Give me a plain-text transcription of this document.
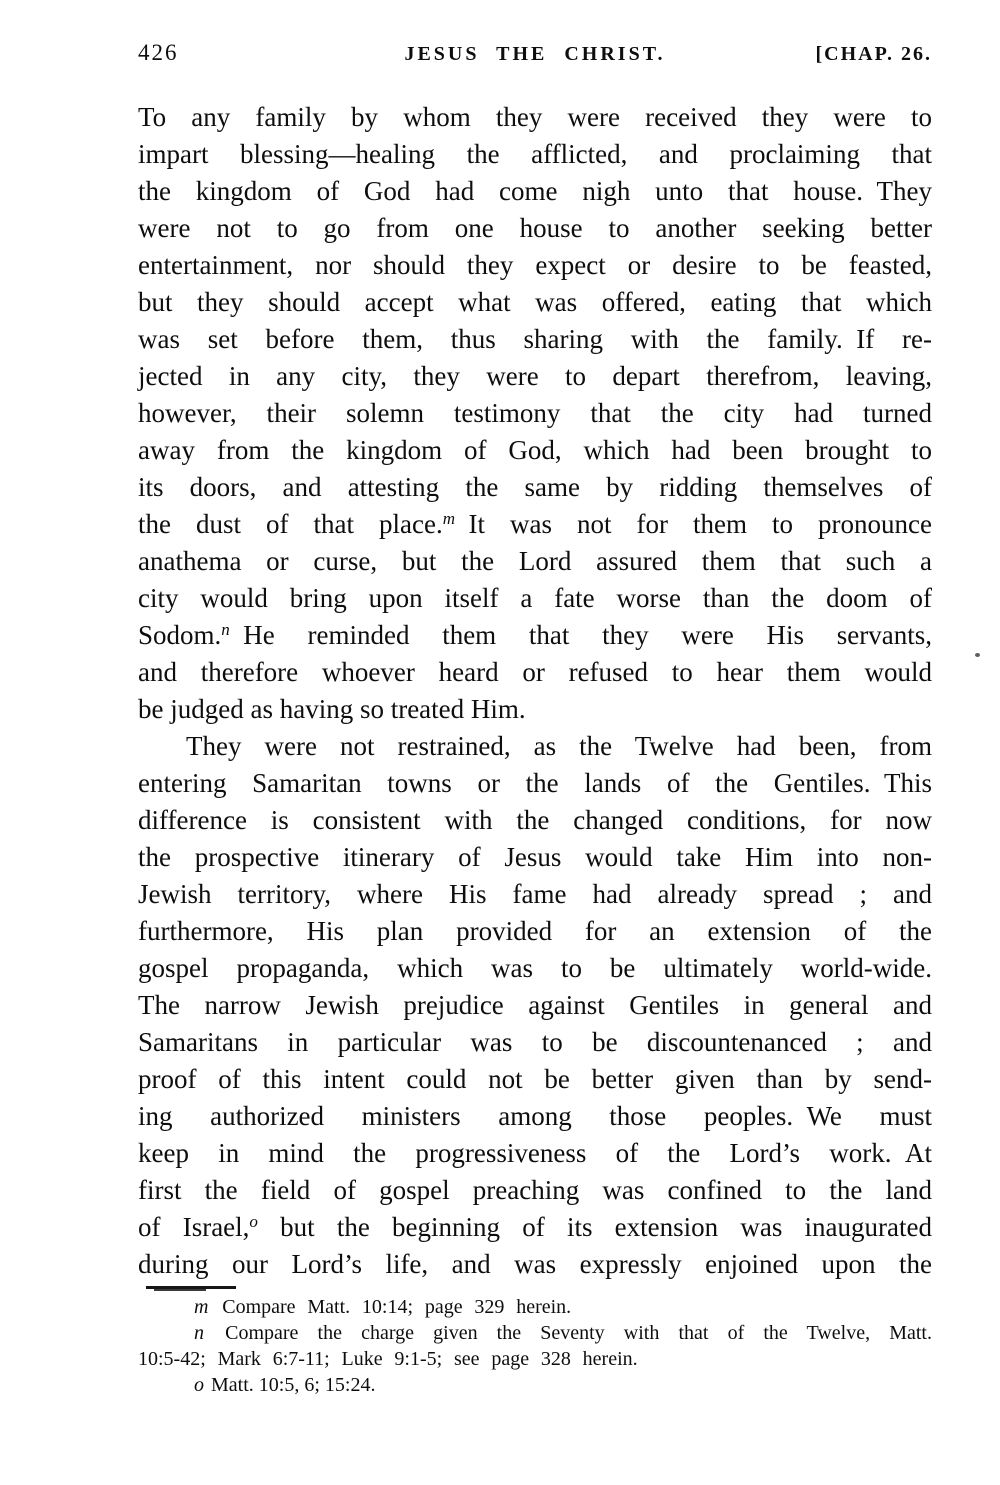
426	JESUS THE CHRIST.	[CHAP. 26.
To any family by whom they were received they were to
impart blessing—healing the afflicted, and proclaiming that
the kingdom of God had come nigh unto that house. They
were not to go from one house to another seeking better
entertainment, nor should they expect or desire to be feasted,
but they should accept what was offered, eating that which
was set before them, thus sharing with the family. If re-
jected in any city, they were to depart therefrom, leaving,
however, their solemn testimony that the city had turned
away from the kingdom of God, which had been brought to
its doors, and attesting the same by ridding themselves of
the dust of that place.$^m$ It was not for them to pronounce
anathema or curse, but the Lord assured them that such a
city would bring upon itself a fate worse than the doom of
Sodom.$^n$ He reminded them that they were His servants,
and therefore whoever heard or refused to hear them would
be judged as having so treated Him.
They were not restrained, as the Twelve had been, from
entering Samaritan towns or the lands of the Gentiles. This
difference is consistent with the changed conditions, for now
the prospective itinerary of Jesus would take Him into non-
Jewish territory, where His fame had already spread ; and
furthermore, His plan provided for an extension of the
gospel propaganda, which was to be ultimately world-wide.
The narrow Jewish prejudice against Gentiles in general and
Samaritans in particular was to be discountenanced ; and
proof of this intent could not be better given than by send-
ing authorized ministers among those peoples. We must
keep in mind the progressiveness of the Lord’s work. At
first the field of gospel preaching was confined to the land
of Israel,$^o$ but the beginning of its extension was inaugurated
during our Lord’s life, and was expressly enjoined upon the
m Compare Matt. 10:14; page 329 herein.
n Compare the charge given the Seventy with that of the Twelve, Matt.
10:5-42; Mark 6:7-11; Luke 9:1-5; see page 328 herein.
o Matt. 10:5, 6; 15:24.
